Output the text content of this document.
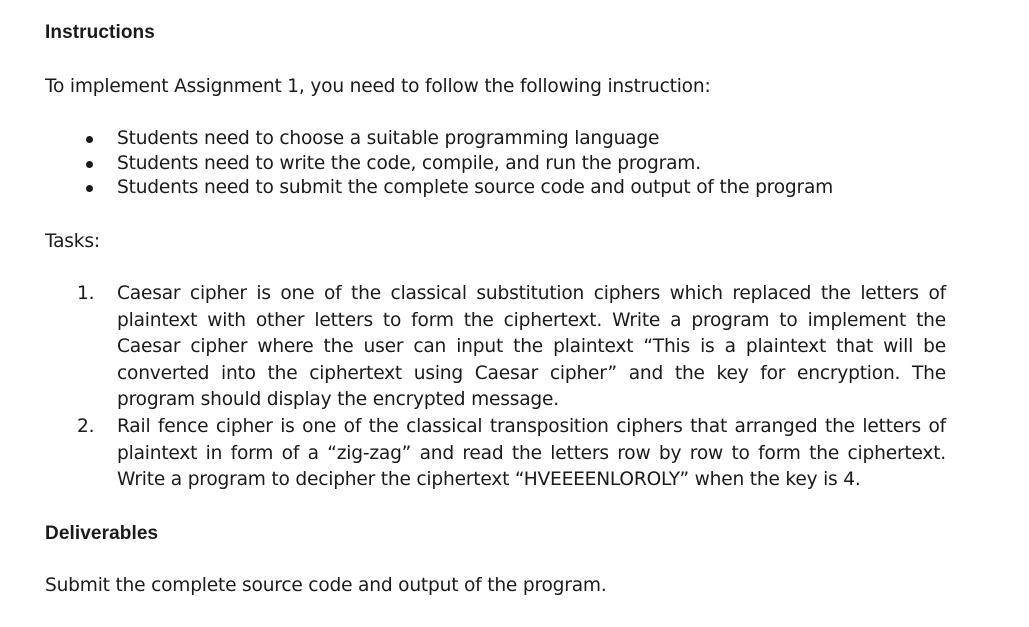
Instructions
To implement Assignment 1, you need to follow the following instruction:
Students need to choose a suitable programming language
Students need to write the code, compile, and run the program.
Students need to submit the complete source code and output of the program
Tasks:
1.	Caesar cipher is one of the classical substitution ciphers which replaced the letters of plaintext with other letters to form the ciphertext. Write a program to implement the Caesar cipher where the user can input the plaintext “This is a plaintext that will be converted into the ciphertext using Caesar cipher” and the key for encryption. The program should display the encrypted message.
2.	Rail fence cipher is one of the classical transposition ciphers that arranged the letters of plaintext in form of a “zig-zag” and read the letters row by row to form the ciphertext. Write a program to decipher the ciphertext “HVEEEENLOROLY” when the key is 4.
Deliverables
Submit the complete source code and output of the program.
